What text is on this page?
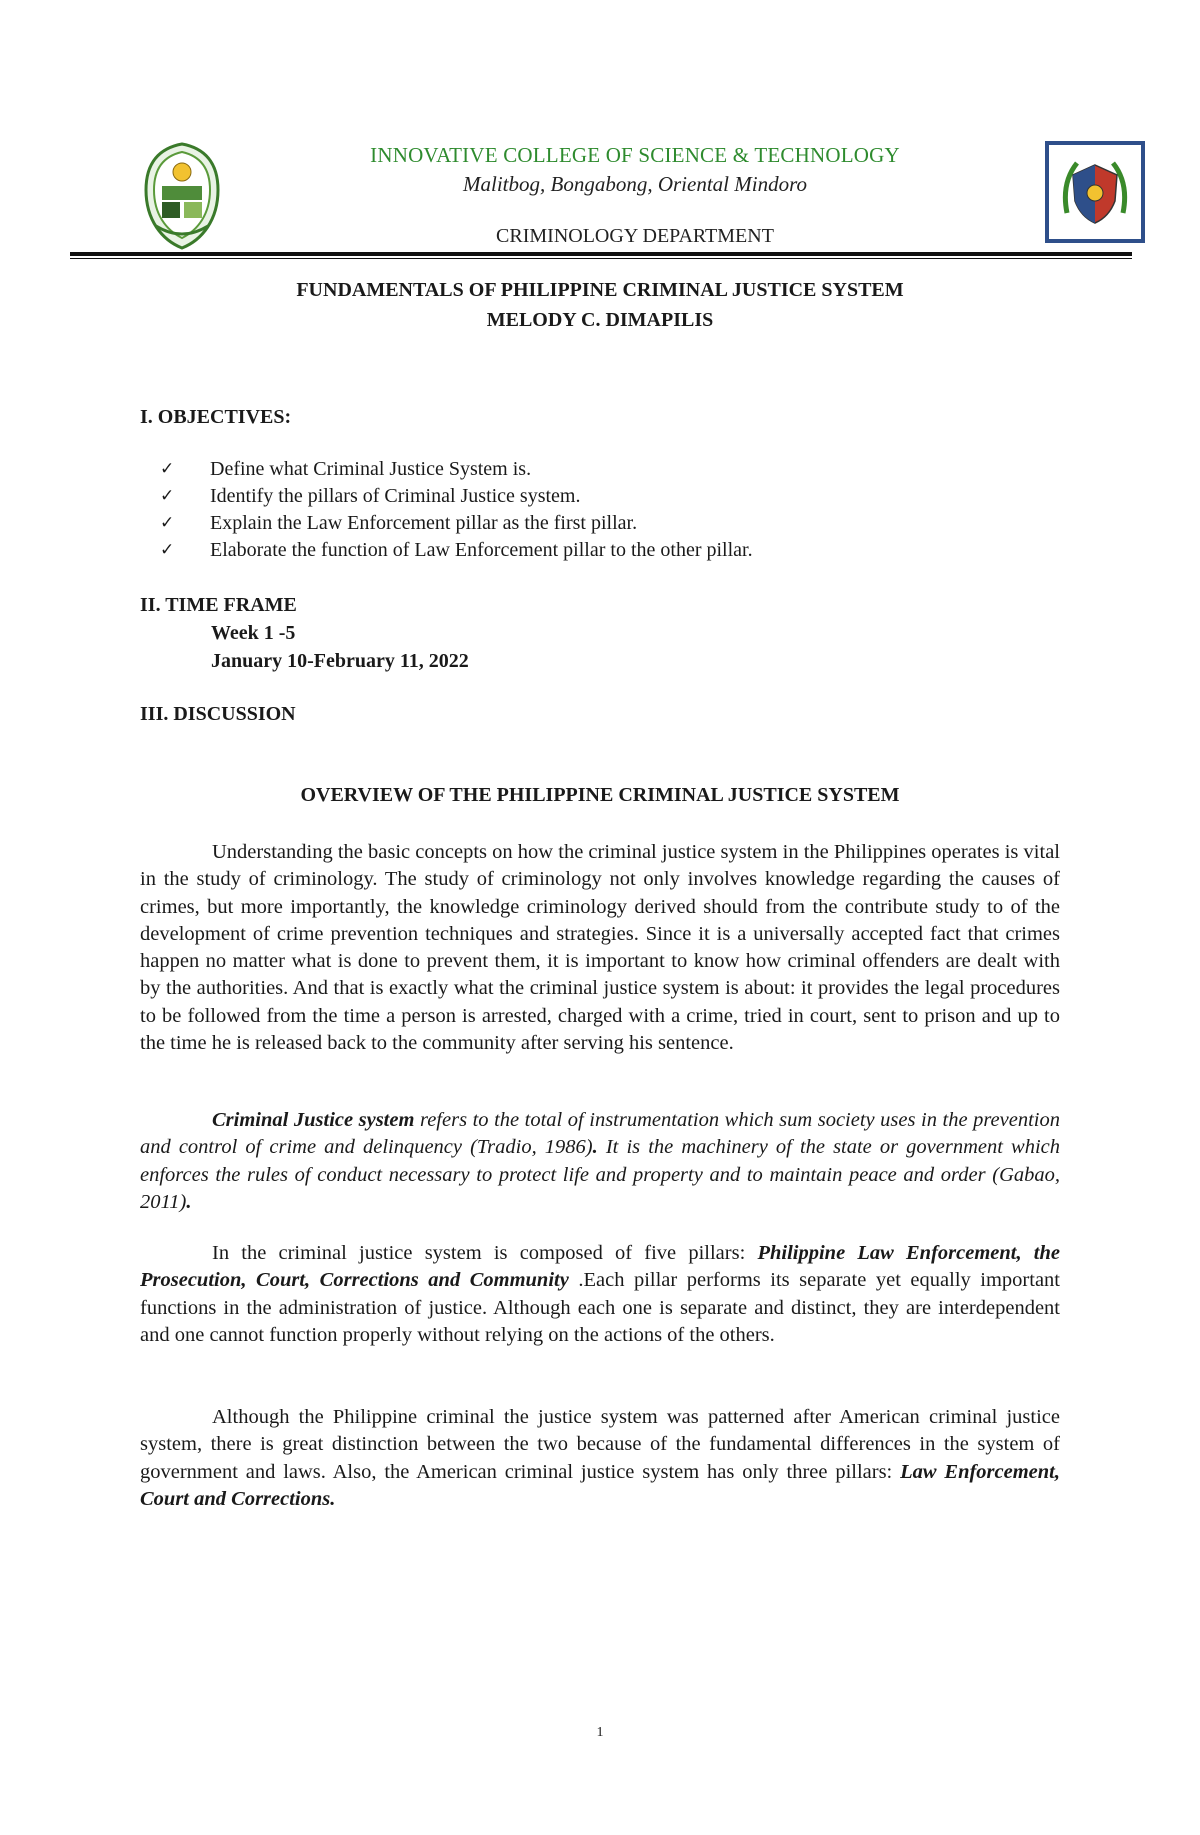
INNOVATIVE COLLEGE OF SCIENCE & TECHNOLOGY
Malitbog, Bongabong, Oriental Mindoro
CRIMINOLOGY DEPARTMENT
FUNDAMENTALS OF PHILIPPINE CRIMINAL JUSTICE SYSTEM
MELODY C. DIMAPILIS
I. OBJECTIVES:
✓	Define what Criminal Justice System is.
✓	Identify the pillars of Criminal Justice system.
✓	Explain the Law Enforcement pillar as the first pillar.
✓	Elaborate the function of Law Enforcement pillar to the other pillar.
II. TIME FRAME
Week 1 -5
January 10-February 11, 2022
III. DISCUSSION
OVERVIEW OF THE PHILIPPINE CRIMINAL JUSTICE SYSTEM

Understanding the basic concepts on how the criminal justice system in the Philippines operates is vital in the study of criminology. The study of criminology not only involves knowledge regarding the causes of crimes, but more importantly, the knowledge criminology derived should from the contribute study to of the development of crime prevention techniques and strategies. Since it is a universally accepted fact that crimes happen no matter what is done to prevent them, it is important to know how criminal offenders are dealt with by the authorities. And that is exactly what the criminal justice system is about: it provides the legal procedures to be followed from the time a person is arrested, charged with a crime, tried in court, sent to prison and up to the time he is released back to the community after serving his sentence.

Criminal Justice system refers to the total of instrumentation which sum society uses in the prevention and control of crime and delinquency (Tradio, 1986). It is the machinery of the state or government which enforces the rules of conduct necessary to protect life and property and to maintain peace and order (Gabao, 2011).

In the criminal justice system is composed of five pillars: Philippine Law Enforcement, the Prosecution, Court, Corrections and Community .Each pillar performs its separate yet equally important functions in the administration of justice. Although each one is separate and distinct, they are interdependent and one cannot function properly without relying on the actions of the others.

Although the Philippine criminal the justice system was patterned after American criminal justice system, there is great distinction between the two because of the fundamental differences in the system of government and laws. Also, the American criminal justice system has only three pillars: Law Enforcement, Court and Corrections.

1
